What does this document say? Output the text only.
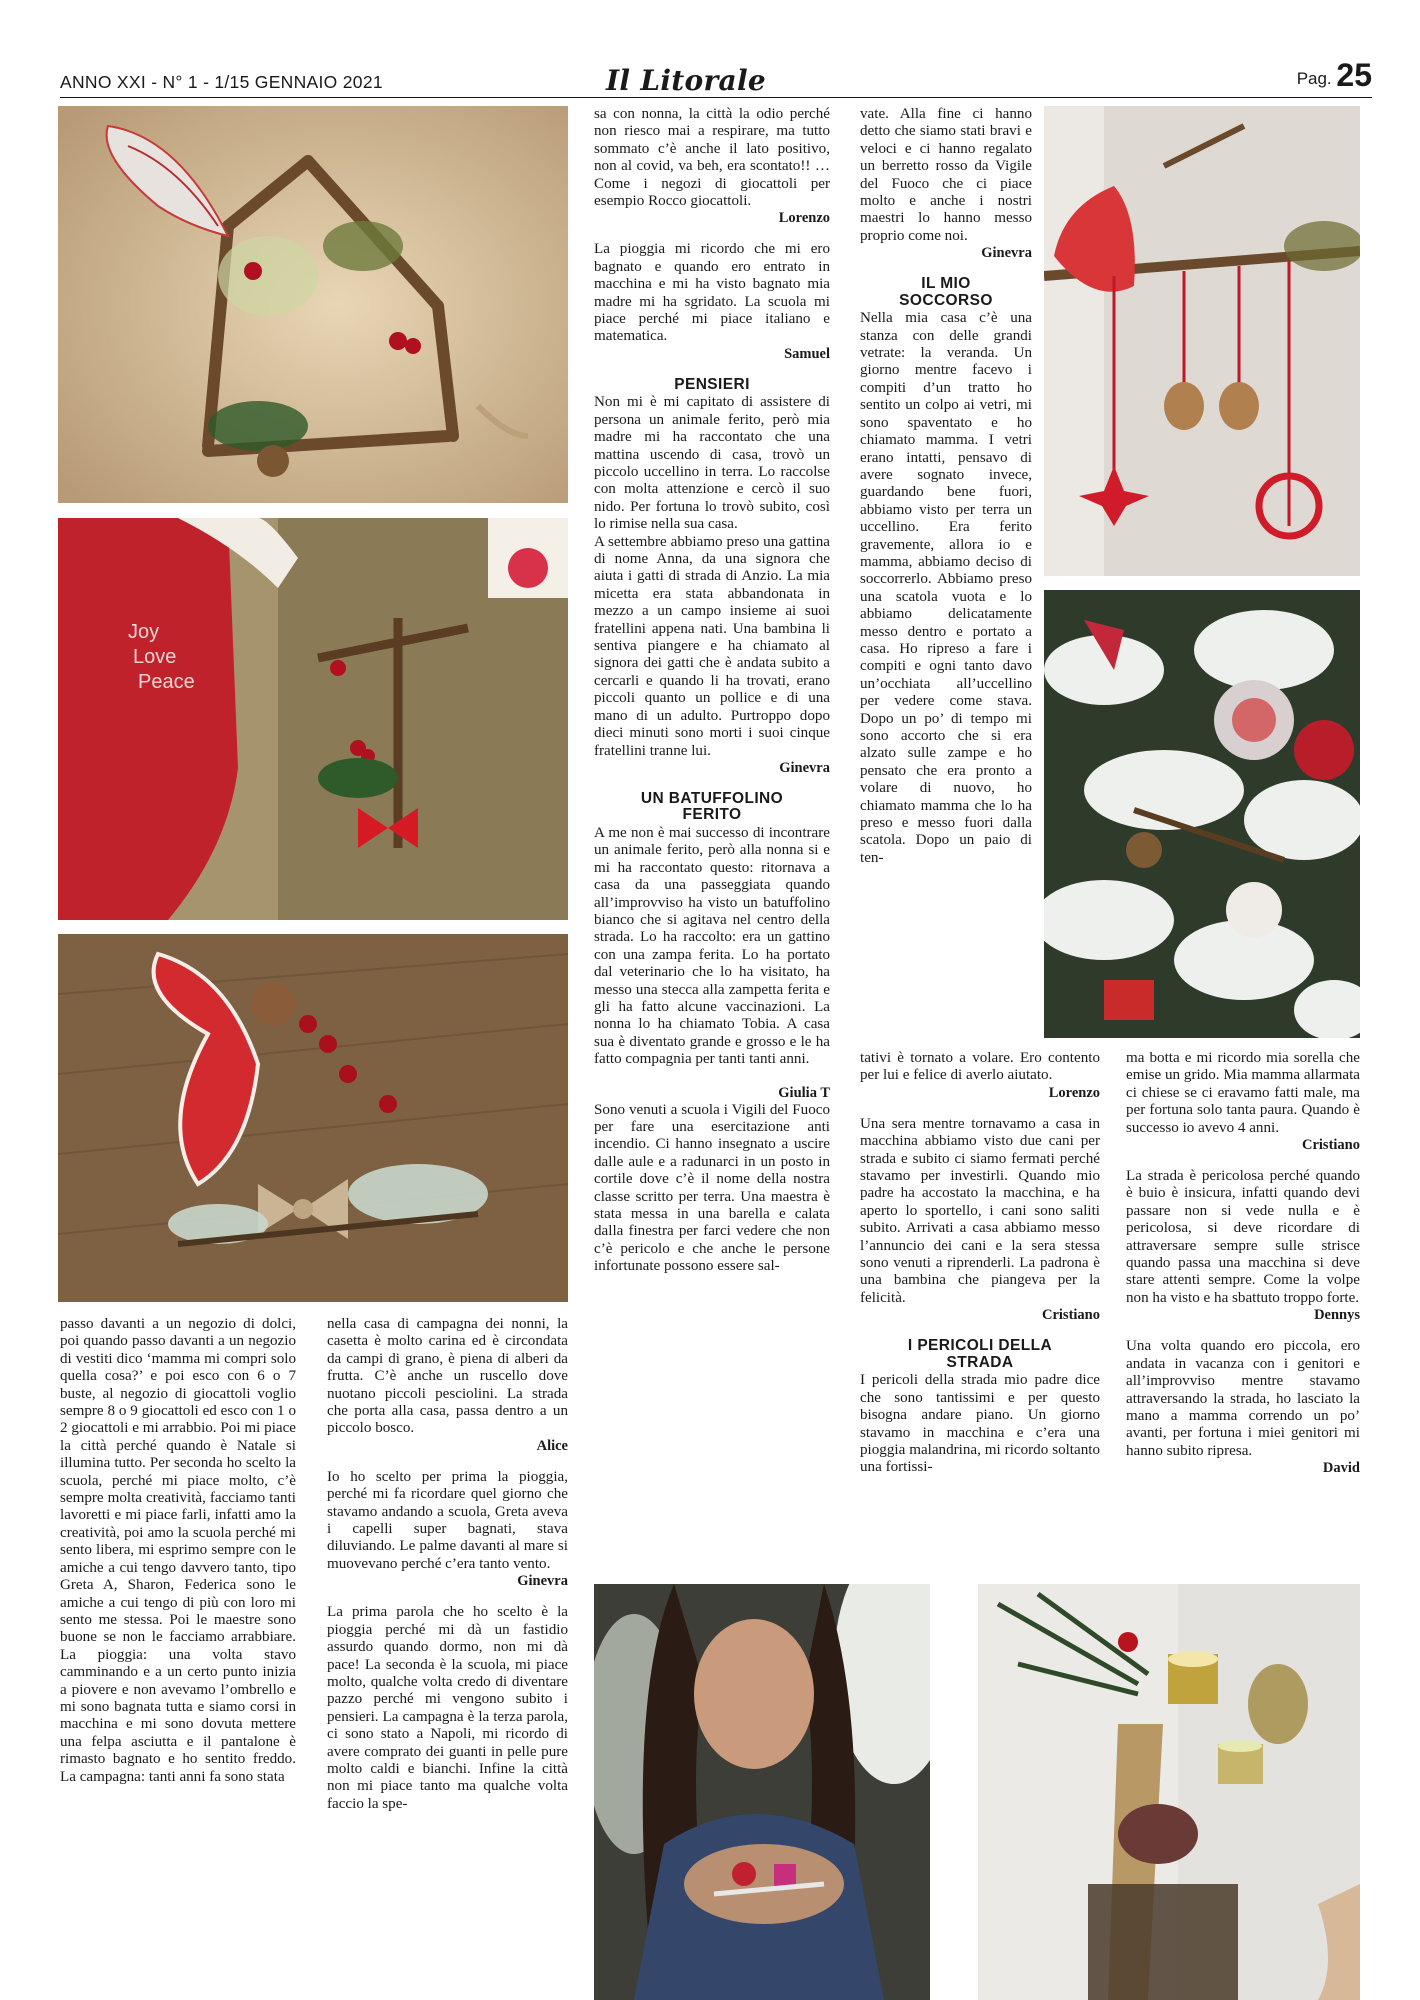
ANNO XXI - N° 1 - 1/15 GENNAIO 2021	Il Litorale	Pag. 25
Joy
Love
Peace

passo davanti a un negozio di dolci, poi quando passo davanti a un negozio di vestiti dico ‘mamma mi compri solo quella cosa?’ e poi esco con 6 o 7 buste, al negozio di giocattoli voglio sempre 8 o 9 giocattoli ed esco con 1 o 2 giocattoli e mi arrabbio. Poi mi piace la città perché quando è Natale si illumina tutto. Per seconda ho scelto la scuola, perché mi piace molto, c’è sempre molta creatività, facciamo tanti lavoretti e mi piace farli, infatti amo la creatività, poi amo la scuola perché mi sento libera, mi esprimo sempre con le amiche a cui tengo davvero tanto, tipo Greta A, Sharon, Federica sono le amiche a cui tengo di più con loro mi sento me stessa. Poi le maestre sono buone se non le facciamo arrabbiare. La pioggia: una volta stavo camminando e a un certo punto inizia a piovere e non avevamo l’ombrello e mi sono bagnata tutta e siamo corsi in macchina e mi sono dovuta mettere una felpa asciutta e il pantalone è rimasto bagnato e ho sentito freddo. La campagna: tanti anni fa sono stata

nella casa di campagna dei nonni, la casetta è molto carina ed è circondata da campi di grano, è piena di alberi da frutta. C’è anche un ruscello dove nuotano piccoli pesciolini. La strada che porta alla casa, passa dentro a un piccolo bosco.

Alice

Io ho scelto per prima la pioggia, perché mi fa ricordare quel giorno che stavamo andando a scuola, Greta aveva i capelli super bagnati, stava diluviando. Le palme davanti al mare si muovevano perché c’era tanto vento.

Ginevra

La prima parola che ho scelto è la pioggia perché mi dà un fastidio assurdo quando dormo, non mi dà pace! La seconda è la scuola, mi piace molto, qualche volta credo di diventare pazzo perché mi vengono subito i pensieri. La campagna è la terza parola, ci sono stato a Napoli, mi ricordo di avere comprato dei guanti in pelle pure molto caldi e bianchi. Infine la città non mi piace tanto ma qualche volta faccio la spe-

sa con nonna, la città la odio perché non riesco mai a respirare, ma tutto sommato c’è anche il lato positivo, non al covid, va beh, era scontato!! … Come i negozi di giocattoli per esempio Rocco giocattoli.

Lorenzo

La pioggia mi ricordo che mi ero bagnato e quando ero entrato in macchina e mi ha visto bagnato mia madre mi ha sgridato. La scuola mi piace perché mi piace italiano e matematica.

Samuel
PENSIERI

Non mi è mi capitato di assistere di persona un animale ferito, però mia madre mi ha raccontato che una mattina uscendo di casa, trovò un piccolo uccellino in terra. Lo raccolse con molta attenzione e cercò il suo nido. Per fortuna lo trovò subito, così lo rimise nella sua casa.

A settembre abbiamo preso una gattina di nome Anna, da una signora che aiuta i gatti di strada di Anzio. La mia micetta era stata abbandonata in mezzo a un campo insieme ai suoi fratellini appena nati. Una bambina li sentiva piangere e ha chiamato al signora dei gatti che è andata subito a cercarli e quando li ha trovati, erano piccoli quanto un pollice e di una mano di un adulto. Purtroppo dopo dieci minuti sono morti i suoi cinque fratellini tranne lui.

Ginevra
UN BATUFFOLINO
FERITO

A me non è mai successo di incontrare un animale ferito, però alla nonna si e mi ha raccontato questo: ritornava a casa da una passeggiata quando all’improvviso ha visto un batuffolino bianco che si agitava nel centro della strada. Lo ha raccolto: era un gattino con una zampa ferita. Lo ha portato dal veterinario che lo ha visitato, ha messo una stecca alla zampetta ferita e gli ha fatto alcune vaccinazioni. La nonna lo ha chiamato Tobia. A casa sua è diventato grande e grosso e le ha fatto compagnia per tanti tanti anni.

Giulia T

Sono venuti a scuola i Vigili del Fuoco per fare una esercitazione anti incendio. Ci hanno insegnato a uscire dalle aule e a radunarci in un posto in cortile dove c’è il nome della nostra classe scritto per terra. Una maestra è stata messa in una barella e calata dalla finestra per farci vedere che non c’è pericolo e che anche le persone infortunate possono essere sal-

vate. Alla fine ci hanno detto che siamo stati bravi e veloci e ci hanno regalato un berretto rosso da Vigile del Fuoco che ci piace molto e anche i nostri maestri lo hanno messo proprio come noi.

Ginevra
IL MIO
SOCCORSO

Nella mia casa c’è una stanza con delle grandi vetrate: la veranda. Un giorno mentre facevo i compiti d’un tratto ho sentito un colpo ai vetri, mi sono spaventato e ho chiamato mamma. I vetri erano intatti, pensavo di avere sognato invece, guardando bene fuori, abbiamo visto per terra un uccellino. Era ferito gravemente, allora io e mamma, abbiamo deciso di soccorrerlo. Abbiamo preso una scatola vuota e lo abbiamo delicatamente messo dentro e portato a casa. Ho ripreso a fare i compiti e ogni tanto davo un’occhiata all’uccellino per vedere come stava. Dopo un po’ di tempo mi sono accorto che si era alzato sulle zampe e ho pensato che era pronto a volare di nuovo, ho chiamato mamma che lo ha preso e messo fuori dalla scatola. Dopo un paio di ten-

tativi è tornato a volare. Ero contento per lui e felice di averlo aiutato.

Lorenzo

Una sera mentre tornavamo a casa in macchina abbiamo visto due cani per strada e subito ci siamo fermati perché stavamo per investirli. Quando mio padre ha accostato la macchina, e ha aperto lo sportello, i cani sono saliti subito. Arrivati a casa abbiamo messo l’annuncio dei cani e la sera stessa sono venuti a riprenderli. La padrona è una bambina che piangeva per la felicità.

Cristiano
I PERICOLI DELLA
STRADA

I pericoli della strada mio padre dice che sono tantissimi e per questo bisogna andare piano. Un giorno stavamo in macchina e c’era una pioggia malandrina, mi ricordo soltanto una fortissi-

ma botta e mi ricordo mia sorella che emise un grido. Mia mamma allarmata ci chiese se ci eravamo fatti male, ma per fortuna solo tanta paura. Quando è successo io avevo 4 anni.

Cristiano

La strada è pericolosa perché quando è buio è insicura, infatti quando devi passare non si vede nulla e è pericolosa, si deve ricordare di attraversare sempre sulle strisce quando passa una macchina si deve stare attenti sempre. Come la volpe non ha visto e ha sbattuto troppo forte.

Dennys

Una volta quando ero piccola, ero andata in vacanza con i genitori e all’improvviso mentre stavamo attraversando la strada, ho lasciato la mano a mamma correndo un po’ avanti, per fortuna i miei genitori mi hanno subito ripresa.

David
